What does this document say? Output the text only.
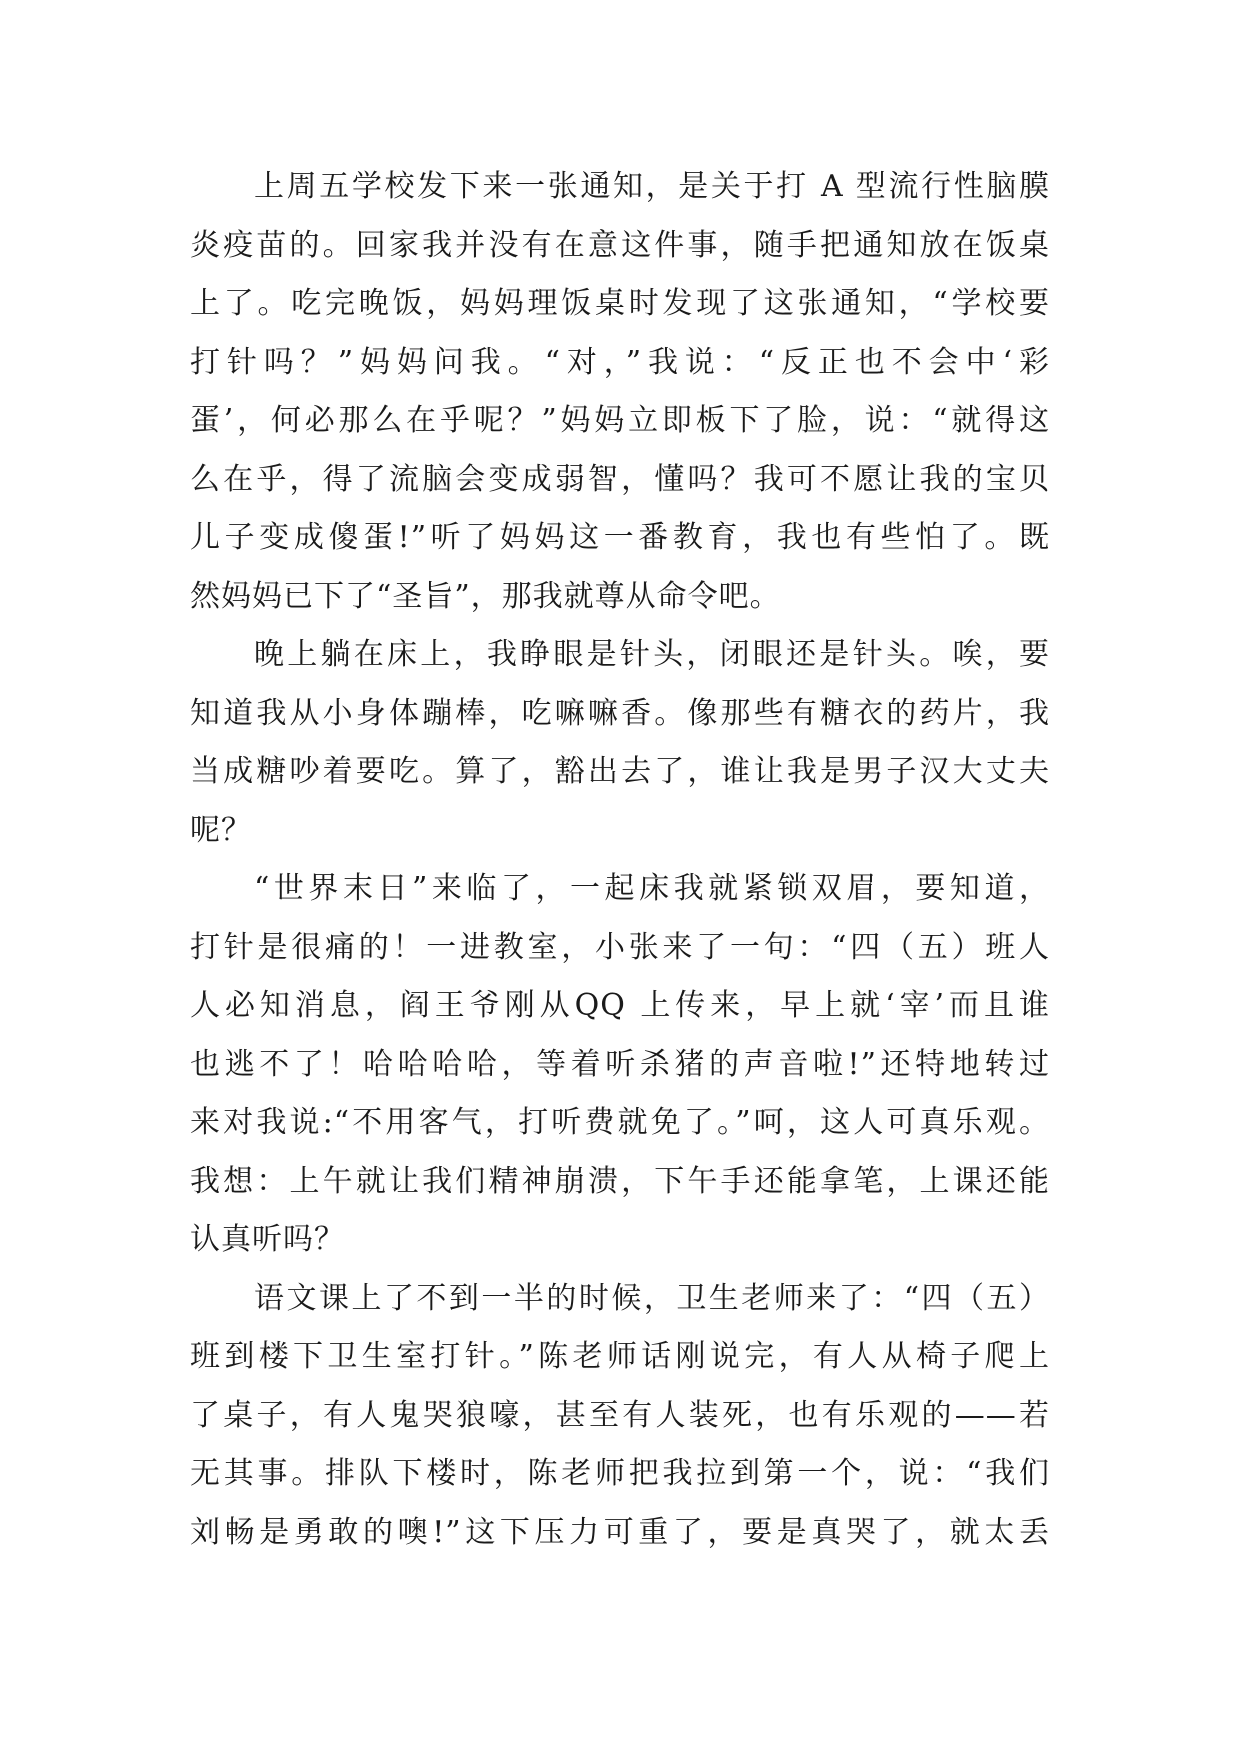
上周五学校发下来一张通知，是关于打 A 型流行性脑膜
炎疫苗的。回家我并没有在意这件事，随手把通知放在饭桌
上了。吃完晚饭，妈妈理饭桌时发现了这张通知，“学校要
打针吗？”妈妈问我。“对，”我说：“反正也不会中‘彩
蛋’，何必那么在乎呢？”妈妈立即板下了脸，说：“就得这
么在乎，得了流脑会变成弱智，懂吗？我可不愿让我的宝贝
儿子变成傻蛋!”听了妈妈这一番教育，我也有些怕了。既
然妈妈已下了“圣旨”，那我就尊从命令吧。
晚上躺在床上，我睁眼是针头，闭眼还是针头。唉，要
知道我从小身体蹦棒，吃嘛嘛香。像那些有糖衣的药片，我
当成糖吵着要吃。算了，豁出去了，谁让我是男子汉大丈夫
呢？
“世界末日”来临了，一起床我就紧锁双眉，要知道，
打针是很痛的！一进教室，小张来了一句：“四（五）班人
人必知消息，阎王爷刚从QQ 上传来，早上就‘宰’而且谁
也逃不了！哈哈哈哈，等着听杀猪的声音啦!”还特地转过
来对我说:“不用客气，打听费就免了。”呵，这人可真乐观。
我想：上午就让我们精神崩溃，下午手还能拿笔，上课还能
认真听吗？
语文课上了不到一半的时候，卫生老师来了：“四（五）
班到楼下卫生室打针。”陈老师话刚说完，有人从椅子爬上
了桌子，有人鬼哭狼嚎，甚至有人装死，也有乐观的——若
无其事。排队下楼时，陈老师把我拉到第一个，说：“我们
刘畅是勇敢的噢!”这下压力可重了，要是真哭了，就太丢
